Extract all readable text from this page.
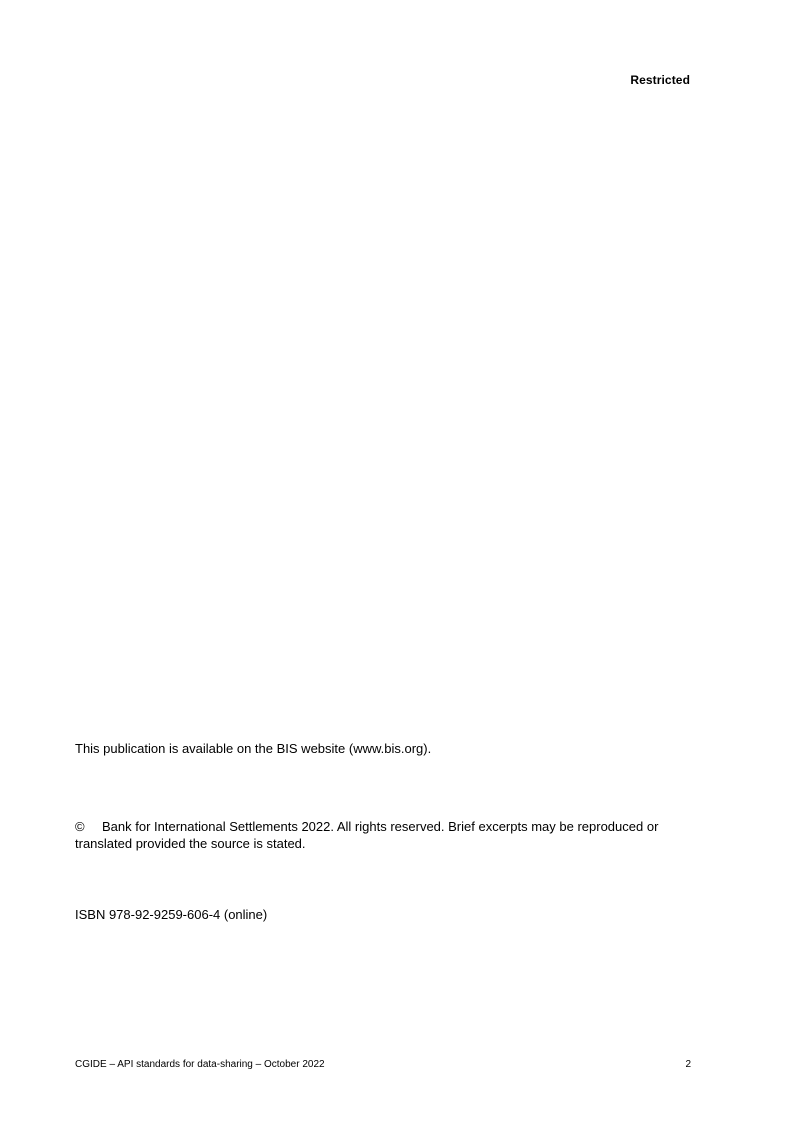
Restricted
This publication is available on the BIS website (www.bis.org).
© Bank for International Settlements 2022. All rights reserved. Brief excerpts may be reproduced or translated provided the source is stated.
ISBN 978-92-9259-606-4 (online)
CGIDE – API standards for data-sharing – October 2022	2
